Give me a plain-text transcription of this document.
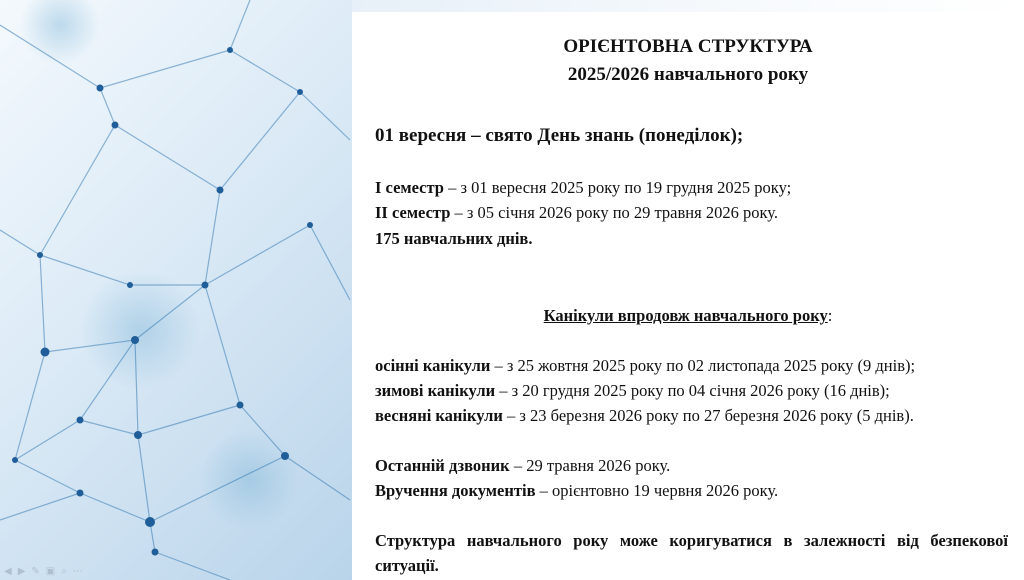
ОРІЄНТОВНА СТРУКТУРА
2025/2026 навчального року
01 вересня – свято День знань (понеділок);
І семестр – з 01 вересня 2025 року по 19 грудня 2025 року;
ІІ семестр – з 05 січня 2026 року по 29 травня 2026 року.
175 навчальних днів.
Канікули впродовж навчального року:
осінні канікули – з 25 жовтня 2025 року по 02 листопада 2025 року (9 днів);
зимові канікули – з 20 грудня 2025 року по 04 січня 2026 року (16 днів);
весняні канікули – з 23 березня 2026 року по 27 березня 2026 року (5 днів).
Останній дзвоник – 29 травня 2026 року.
Вручення документів – орієнтовно 19 червня 2026 року.
Структура навчального року може коригуватися в залежності від безпекової ситуації.
◀ ▶ ✎ ▣ ⌕ ⋯
